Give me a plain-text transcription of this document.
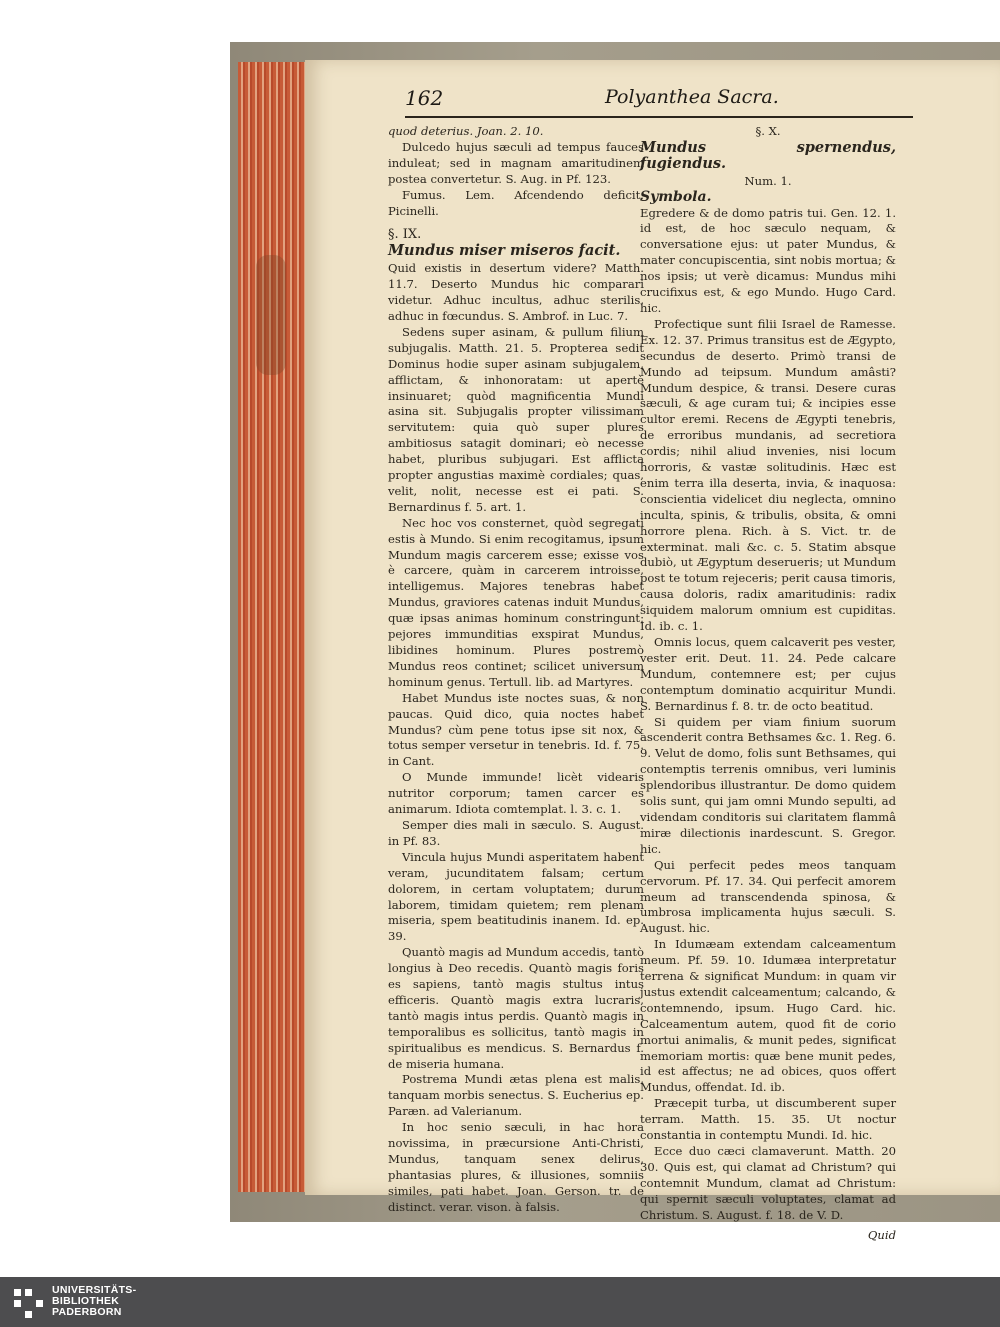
162	Polyanthea Sacra.

quod deterius. Joan. 2. 10.

Dulcedo hujus sæculi ad tempus fauces induleat; sed in magnam amaritudinem postea convertetur. S. Aug. in Pf. 123.

Fumus. Lem. Afcendendo deficit. Picinelli.

§. IX.

Mundus miser miseros facit.

Quid existis in desertum videre? Matth. 11.7. Deserto Mundus hic comparari videtur. Adhuc incultus, adhuc sterilis, adhuc in fœcundus. S. Ambrof. in Luc. 7.

Sedens super asinam, & pullum filium subjugalis. Matth. 21. 5. Propterea sedit Dominus hodie super asinam subjugalem, afflictam, & inhonoratam: ut apertè insinuaret; quòd magnificentia Mundi asina sit. Subjugalis propter vilissimam servitutem: quia quò super plures ambitiosus satagit dominari; eò necesse habet, pluribus subjugari. Est afflicta propter angustias maximè cordiales; quas, velit, nolit, necesse est ei pati. S. Bernardinus f. 5. art. 1.

Nec hoc vos consternet, quòd segregati estis à Mundo. Si enim recogitamus, ipsum Mundum magis carcerem esse; exisse vos è carcere, quàm in carcerem introisse, intelligemus. Majores tenebras habet Mundus, graviores catenas induit Mundus, quæ ipsas animas hominum constringunt; pejores immunditias exspirat Mundus, libidines hominum. Plures postremò Mundus reos continet; scilicet universum hominum genus. Tertull. lib. ad Martyres.

Habet Mundus iste noctes suas, & non paucas. Quid dico, quia noctes habet Mundus? cùm pene totus ipse sit nox, & totus semper versetur in tenebris. Id. f. 75. in Cant.

O Munde immunde! licèt videaris nutritor corporum; tamen carcer es animarum. Idiota comtemplat. l. 3. c. 1.

Semper dies mali in sæculo. S. August. in Pf. 83.

Vincula hujus Mundi asperitatem habent veram, jucunditatem falsam; certum dolorem, in certam voluptatem; durum laborem, timidam quietem; rem plenam miseria, spem beatitudinis inanem. Id. ep. 39.

Quantò magis ad Mundum accedis, tantò longius à Deo recedis. Quantò magis foris es sapiens, tantò magis stultus intus efficeris. Quantò magis extra lucraris, tantò magis intus perdis. Quantò magis in temporalibus es sollicitus, tantò magis in spiritualibus es mendicus. S. Bernardus f. de miseria humana.

Postrema Mundi ætas plena est malis, tanquam morbis senectus. S. Eucherius ep. Paræn. ad Valerianum.

In hoc senio sæculi, in hac hora novissima, in præcursione Anti-Christi, Mundus, tanquam senex delirus, phantasias plures, & illusiones, somniis similes, pati habet. Joan. Gerson. tr. de distinct. verar. vison. à falsis.

§. X.

Mundus spernendus, fugiendus.

Num. 1.

Symbola.

Egredere & de domo patris tui. Gen. 12. 1. id est, de hoc sæculo nequam, & conversatione ejus: ut pater Mundus, & mater concupiscentia, sint nobis mortua; & nos ipsis; ut verè dicamus: Mundus mihi crucifixus est, & ego Mundo. Hugo Card. hic.

Profectique sunt filii Israel de Ramesse. Ex. 12. 37. Primus transitus est de Ægypto, secundus de deserto. Primò transi de Mundo ad teipsum. Mundum amâsti? Mundum despice, & transi. Desere curas sæculi, & age curam tui; & incipies esse cultor eremi. Recens de Ægypti tenebris, de erroribus mundanis, ad secretiora cordis; nihil aliud invenies, nisi locum horroris, & vastæ solitudinis. Hæc est enim terra illa deserta, invia, & inaquosa: conscientia videlicet diu neglecta, omnino inculta, spinis, & tribulis, obsita, & omni horrore plena. Rich. à S. Vict. tr. de exterminat. mali &c. c. 5. Statim absque dubiò, ut Ægyptum deserueris; ut Mundum post te totum rejeceris; perit causa timoris, causa doloris, radix amaritudinis: radix siquidem malorum omnium est cupiditas. Id. ib. c. 1.

Omnis locus, quem calcaverit pes vester, vester erit. Deut. 11. 24. Pede calcare Mundum, contemnere est; per cujus contemptum dominatio acquiritur Mundi. S. Bernardinus f. 8. tr. de octo beatitud.

Si quidem per viam finium suorum ascenderit contra Bethsames &c. 1. Reg. 6. 9. Velut de domo, folis sunt Bethsames, qui contemptis terrenis omnibus, veri luminis splendoribus illustrantur. De domo quidem solis sunt, qui jam omni Mundo sepulti, ad videndam conditoris sui claritatem flammâ miræ dilectionis inardescunt. S. Gregor. hic.

Qui perfecit pedes meos tanquam cervorum. Pf. 17. 34. Qui perfecit amorem meum ad transcendenda spinosa, & umbrosa implicamenta hujus sæculi. S. August. hic.

In Idumæam extendam calceamentum meum. Pf. 59. 10. Idumæa interpretatur terrena & significat Mundum: in quam vir justus extendit calceamentum; calcando, & contemnendo, ipsum. Hugo Card. hic. Calceamentum autem, quod fit de corio mortui animalis, & munit pedes, significat memoriam mortis: quæ bene munit pedes, id est affectus; ne ad obices, quos offert Mundus, offendat. Id. ib.

Præcepit turba, ut discumberent super terram. Matth. 15. 35. Ut noctur constantia in contemptu Mundi. Id. hic.

Ecce duo cæci clamaverunt. Matth. 20 30. Quis est, qui clamat ad Christum? qui contemnit Mundum, clamat ad Christum: qui spernit sæculi voluptates, clamat ad Christum. S. August. f. 18. de V. D.

Quid

UNIVERSITÄTS-
BIBLIOTHEK
PADERBORN
